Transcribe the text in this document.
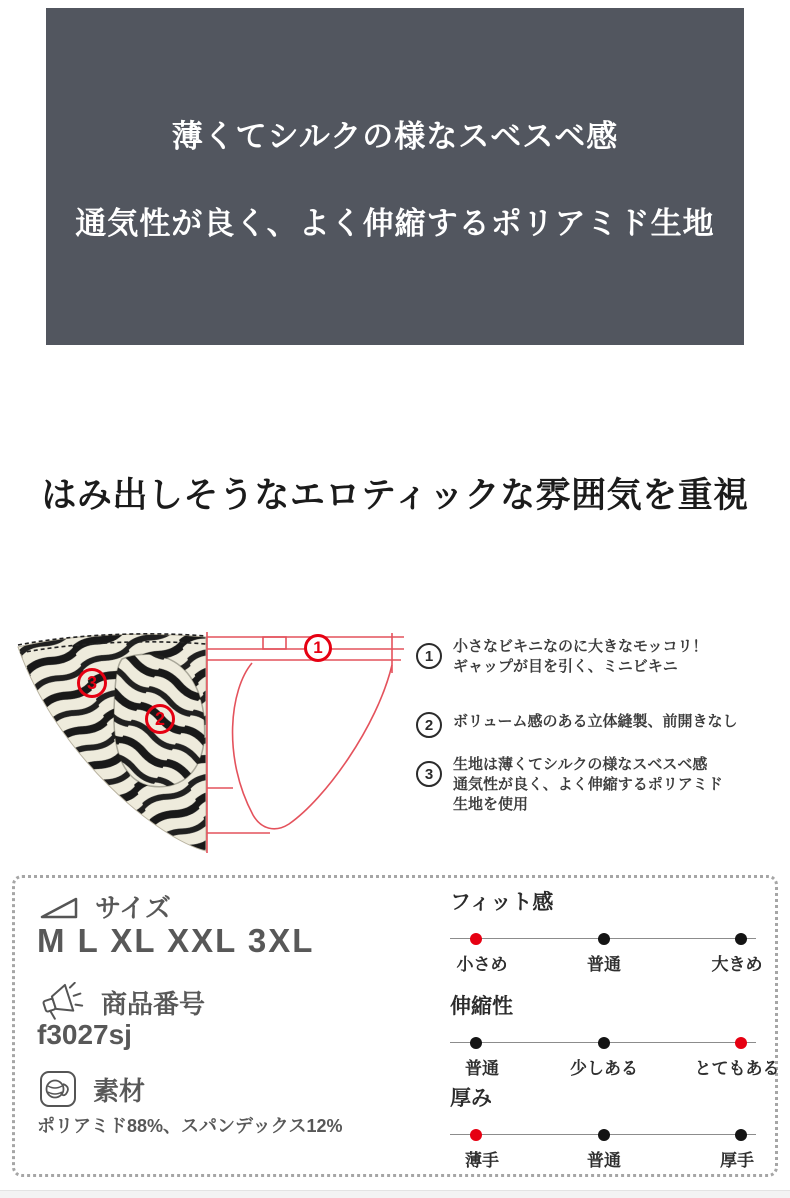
薄くてシルクの様なスベスベ感

通気性が良く、よく伸縮するポリアミド生地

はみ出しそうなエロティックな雰囲気を重視
1
2
3
1

小さなビキニなのに大きなモッコリ！

ギャップが目を引く、ミニビキニ

2	ボリューム感のある立体縫製、前開きなし

3

生地は薄くてシルクの様なスベスベ感

通気性が良く、よく伸縮するポリアミド

生地を使用

サイズ
M L XL XXL 3XL
商品番号
f3027sj
素材
ポリアミド88%、スパンデックス12%
フィット感
小さめ	普通	大きめ
伸縮性
普通	少しある	とてもある
厚み
薄手	普通	厚手
